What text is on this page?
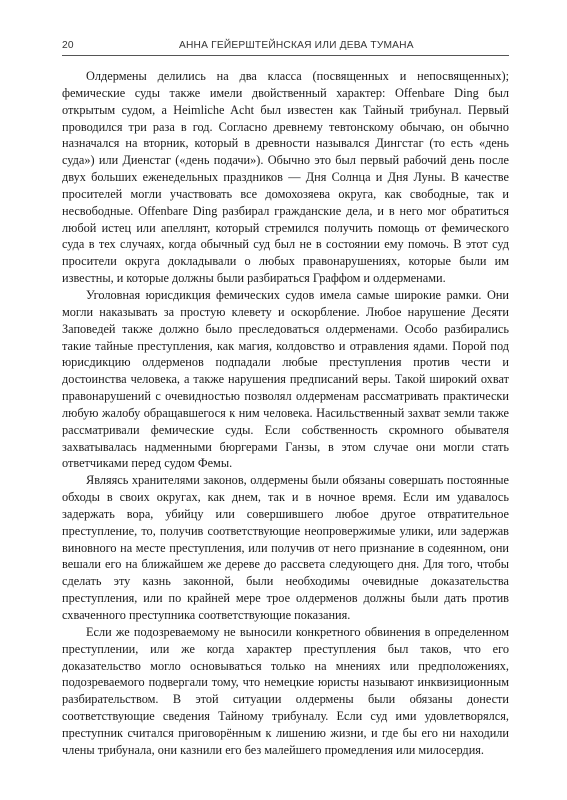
20	АННА ГЕЙЕРШТЕЙНСКАЯ ИЛИ ДЕВА ТУМАНА

Олдермены делились на два класса (посвященных и непосвященных); фемические суды также имели двойственный характер: Offenbare Ding был открытым судом, а Heimliche Acht был известен как Тайный трибунал. Первый проводился три раза в год. Согласно древнему тевтонскому обычаю, он обычно назначался на вторник, который в древности назывался Дингстаг (то есть «день суда») или Диенстаг («день подачи»). Обычно это был первый рабочий день после двух больших еженедельных праздников — Дня Солнца и Дня Луны. В качестве просителей могли участвовать все домохозяева округа, как свободные, так и несвободные. Offenbare Ding разбирал гражданские дела, и в него мог обратиться любой истец или апеллянт, который стремился получить помощь от фемического суда в тех случаях, когда обычный суд был не в состоянии ему помочь. В этот суд просители округа докладывали о любых правонарушениях, которые были им известны, и которые должны были разбираться Граффом и олдерменами.

Уголовная юрисдикция фемических судов имела самые широкие рамки. Они могли наказывать за простую клевету и оскорбление. Любое нарушение Десяти Заповедей также должно было преследоваться олдерменами. Особо разбирались такие тайные преступления, как магия, колдовство и отравления ядами. Порой под юрисдикцию олдерменов подпадали любые преступления против чести и достоинства человека, а также нарушения предписаний веры. Такой широкий охват правонарушений с очевидностью позволял олдерменам рассматривать практически любую жалобу обращавшегося к ним человека. Насильственный захват земли также рассматривали фемические суды. Если собственность скромного обывателя захватывалась надменными бюргерами Ганзы, в этом случае они могли стать ответчиками перед судом Фемы.

Являясь хранителями законов, олдермены были обязаны совершать постоянные обходы в своих округах, как днем, так и в ночное время. Если им удавалось задержать вора, убийцу или совершившего любое другое отвратительное преступление, то, получив соответствующие неопровержимые улики, или задержав виновного на месте преступления, или получив от него признание в содеянном, они вешали его на ближайшем же дереве до рассвета следующего дня. Для того, чтобы сделать эту казнь законной, были необходимы очевидные доказательства преступления, или по крайней мере трое олдерменов должны были дать против схваченного преступника соответствующие показания.

Если же подозреваемому не выносили конкретного обвинения в определенном преступлении, или же когда характер преступления был таков, что его доказательство могло основываться только на мнениях или предположениях, подозреваемого подвергали тому, что немецкие юристы называют инквизиционным разбирательством. В этой ситуации олдермены были обязаны донести соответствующие сведения Тайному трибуналу. Если суд ими удовлетворялся, преступник считался приговорённым к лишению жизни, и где бы его ни находили члены трибунала, они казнили его без малейшего промедления или милосердия.
